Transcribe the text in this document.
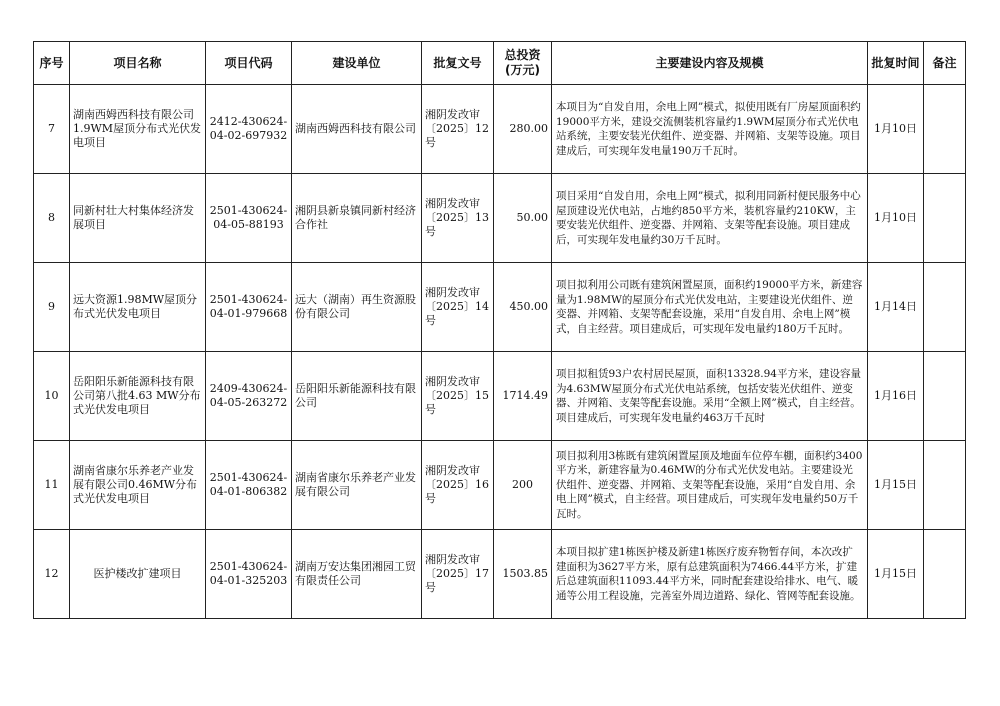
序号	项目名称	项目代码	建设单位	批复文号	总投资
(万元)	主要建设内容及规模	批复时间	备注
7	湖南西姆西科技有限公司1.9WM屋顶分布式光伏发电项目	2412-430624-04-02-697932	湖南西姆西科技有限公司	湘阴发改审〔2025〕12号	280.00	本项目为“自发自用，余电上网”模式，拟使用既有厂房屋顶面积约19000平方米，建设交流侧装机容量约1.9WM屋顶分布式光伏电站系统，主要安装光伏组件、逆变器、并网箱、支架等设施。项目建成后，可实现年发电量190万千瓦时。	1月10日	
8	同新村壮大村集体经济发展项目	2501-430624-04-05-88193	湘阴县新泉镇同新村经济合作社	湘阴发改审〔2025〕13号	50.00	项目采用“自发自用，余电上网”模式，拟利用同新村便民服务中心屋顶建设光伏电站，占地约850平方米，装机容量约210KW，主要安装光伏组件、逆变器、并网箱、支架等配套设施。项目建成后，可实现年发电量约30万千瓦时。	1月10日	
9	远大资源1.98MW屋顶分布式光伏发电项目	2501-430624-04-01-979668	远大（湖南）再生资源股份有限公司	湘阴发改审〔2025〕14号	450.00	项目拟利用公司既有建筑闲置屋顶，面积约19000平方米，新建容量为1.98MW的屋顶分布式光伏发电站，主要建设光伏组件、逆变器、并网箱、支架等配套设施，采用“自发自用、余电上网”模式，自主经营。项目建成后，可实现年发电量约180万千瓦时。	1月14日	
10	岳阳阳乐新能源科技有限公司第八批4.63 MW分布式光伏发电项目	2409-430624-04-05-263272	岳阳阳乐新能源科技有限公司	湘阴发改审〔2025〕15号	1714.49	项目拟租赁93户农村居民屋顶，面积13328.94平方米，建设容量为4.63MW屋顶分布式光伏电站系统，包括安装光伏组件、逆变器、并网箱、支架等配套设施。采用“全额上网”模式，自主经营。项目建成后，可实现年发电量约463万千瓦时	1月16日	
11	湖南省康尔乐养老产业发展有限公司0.46MW分布式光伏发电项目	2501-430624-04-01-806382	湖南省康尔乐养老产业发展有限公司	湘阴发改审〔2025〕16号	200	项目拟利用3栋既有建筑闲置屋顶及地面车位停车棚，面积约3400平方米，新建容量为0.46MW的分布式光伏发电站。主要建设光伏组件、逆变器、并网箱、支架等配套设施，采用“自发自用、余电上网”模式，自主经营。项目建成后，可实现年发电量约50万千瓦时。	1月15日	
12	医护楼改扩建项目	2501-430624-04-01-325203	湖南万安达集团湘园工贸有限责任公司	湘阴发改审〔2025〕17号	1503.85	本项目拟扩建1栋医护楼及新建1栋医疗废弃物暂存间，本次改扩建面积为3627平方米，原有总建筑面积为7466.44平方米，扩建后总建筑面积11093.44平方米，同时配套建设给排水、电气、暖通等公用工程设施，完善室外周边道路、绿化、管网等配套设施。	1月15日	
